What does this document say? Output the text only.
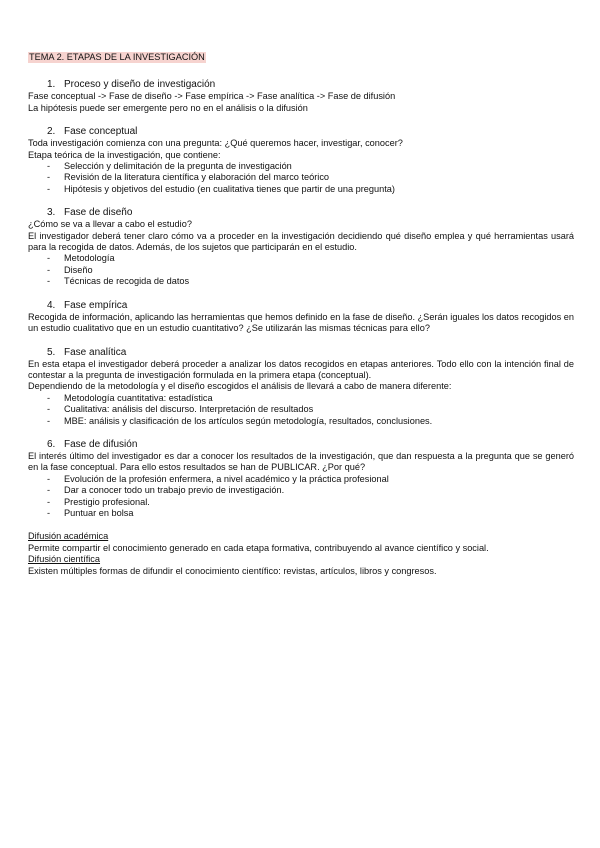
TEMA 2. ETAPAS DE LA INVESTIGACIÓN
1. Proceso y diseño de investigación

Fase conceptual -> Fase de diseño -> Fase empírica -> Fase analítica -> Fase de difusión

La hipótesis puede ser emergente pero no en el análisis o la difusión

2. Fase conceptual

Toda investigación comienza con una pregunta: ¿Qué queremos hacer, investigar, conocer?

Etapa teórica de la investigación, que contiene:

- Selección y delimitación de la pregunta de investigación
- Revisión de la literatura científica y elaboración del marco teórico
- Hipótesis y objetivos del estudio (en cualitativa tienes que partir de una pregunta)
3. Fase de diseño

¿Cómo se va a llevar a cabo el estudio?

El investigador deberá tener claro cómo va a proceder en la investigación decidiendo qué diseño emplea y qué herramientas usará para la recogida de datos. Además, de los sujetos que participarán en el estudio.

- Metodología
- Diseño
- Técnicas de recogida de datos
4. Fase empírica

Recogida de información, aplicando las herramientas que hemos definido en la fase de diseño. ¿Serán iguales los datos recogidos en un estudio cualitativo que en un estudio cuantitativo? ¿Se utilizarán las mismas técnicas para ello?

5. Fase analítica

En esta etapa el investigador deberá proceder a analizar los datos recogidos en etapas anteriores. Todo ello con la intención final de contestar a la pregunta de investigación formulada en la primera etapa (conceptual).

Dependiendo de la metodología y el diseño escogidos el análisis de llevará a cabo de manera diferente:

- Metodología cuantitativa: estadística
- Cualitativa: análisis del discurso. Interpretación de resultados
- MBE: análisis y clasificación de los artículos según metodología, resultados, conclusiones.
6. Fase de difusión

El interés último del investigador es dar a conocer los resultados de la investigación, que dan respuesta a la pregunta que se generó en la fase conceptual. Para ello estos resultados se han de PUBLICAR. ¿Por qué?

- Evolución de la profesión enfermera, a nivel académico y la práctica profesional
- Dar a conocer todo un trabajo previo de investigación.
- Prestigio profesional.
- Puntuar en bolsa

Difusión académica

Permite compartir el conocimiento generado en cada etapa formativa, contribuyendo al avance científico y social.

Difusión científica

Existen múltiples formas de difundir el conocimiento científico: revistas, artículos, libros y congresos.
